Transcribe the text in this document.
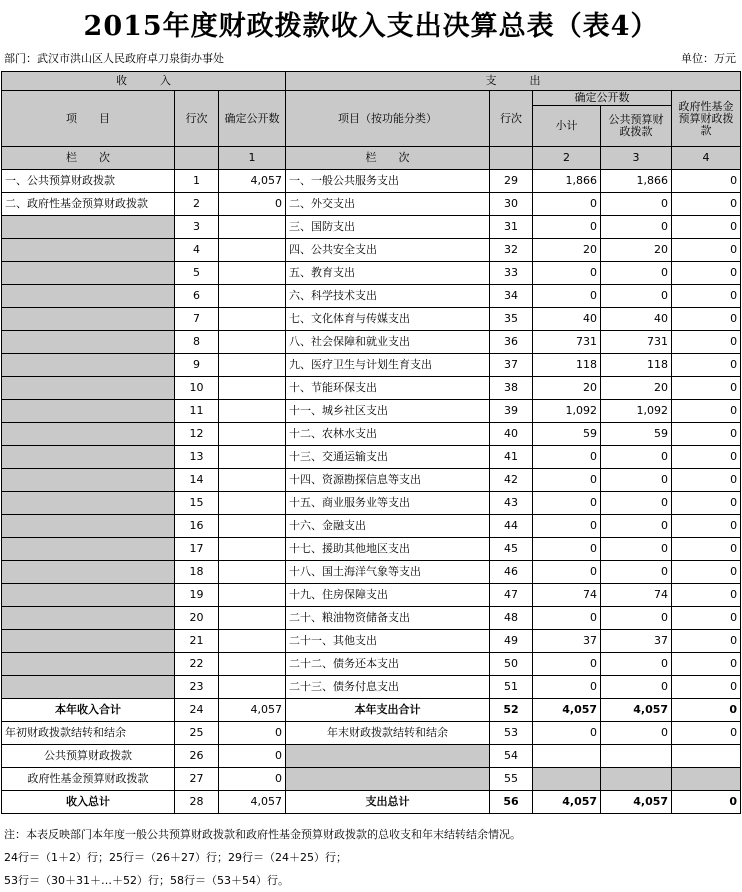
2015年度财政拨款收入支出决算总表（表4）
部门：武汉市洪山区人民政府卓刀泉街办事处	单位：万元
收　　　入			支　　　出				
项　　目	行次	确定公开数	项目（按功能分类）	行次	确定公开数		政府性基金预算财政拨款
					小计	公共预算财政拨款	
栏　　次		1	栏　　次		2	3	4
一、公共预算财政拨款	1	4,057	一、一般公共服务支出	29	1,866	1,866	0
二、政府性基金预算财政拨款	2	0	二、外交支出	30	0	0	0
	3		三、国防支出	31	0	0	0
	4		四、公共安全支出	32	20	20	0
	5		五、教育支出	33	0	0	0
	6		六、科学技术支出	34	0	0	0
	7		七、文化体育与传媒支出	35	40	40	0
	8		八、社会保障和就业支出	36	731	731	0
	9		九、医疗卫生与计划生育支出	37	118	118	0
	10		十、节能环保支出	38	20	20	0
	11		十一、城乡社区支出	39	1,092	1,092	0
	12		十二、农林水支出	40	59	59	0
	13		十三、交通运输支出	41	0	0	0
	14		十四、资源勘探信息等支出	42	0	0	0
	15		十五、商业服务业等支出	43	0	0	0
	16		十六、金融支出	44	0	0	0
	17		十七、援助其他地区支出	45	0	0	0
	18		十八、国土海洋气象等支出	46	0	0	0
	19		十九、住房保障支出	47	74	74	0
	20		二十、粮油物资储备支出	48	0	0	0
	21		二十一、其他支出	49	37	37	0
	22		二十二、债务还本支出	50	0	0	0
	23		二十三、债务付息支出	51	0	0	0
本年收入合计	24	4,057	本年支出合计	52	4,057	4,057	0
年初财政拨款结转和结余	25	0	年末财政拨款结转和结余	53	0	0	0
公共预算财政拨款	26	0		54			
政府性基金预算财政拨款	27	0		55			
收入总计	28	4,057	支出总计	56	4,057	4,057	0
注：本表反映部门本年度一般公共预算财政拨款和政府性基金预算财政拨款的总收支和年末结转结余情况。
24行＝（1＋2）行；25行＝（26＋27）行；29行＝（24＋25）行；
53行＝（30＋31＋…＋52）行；58行＝（53＋54）行。
